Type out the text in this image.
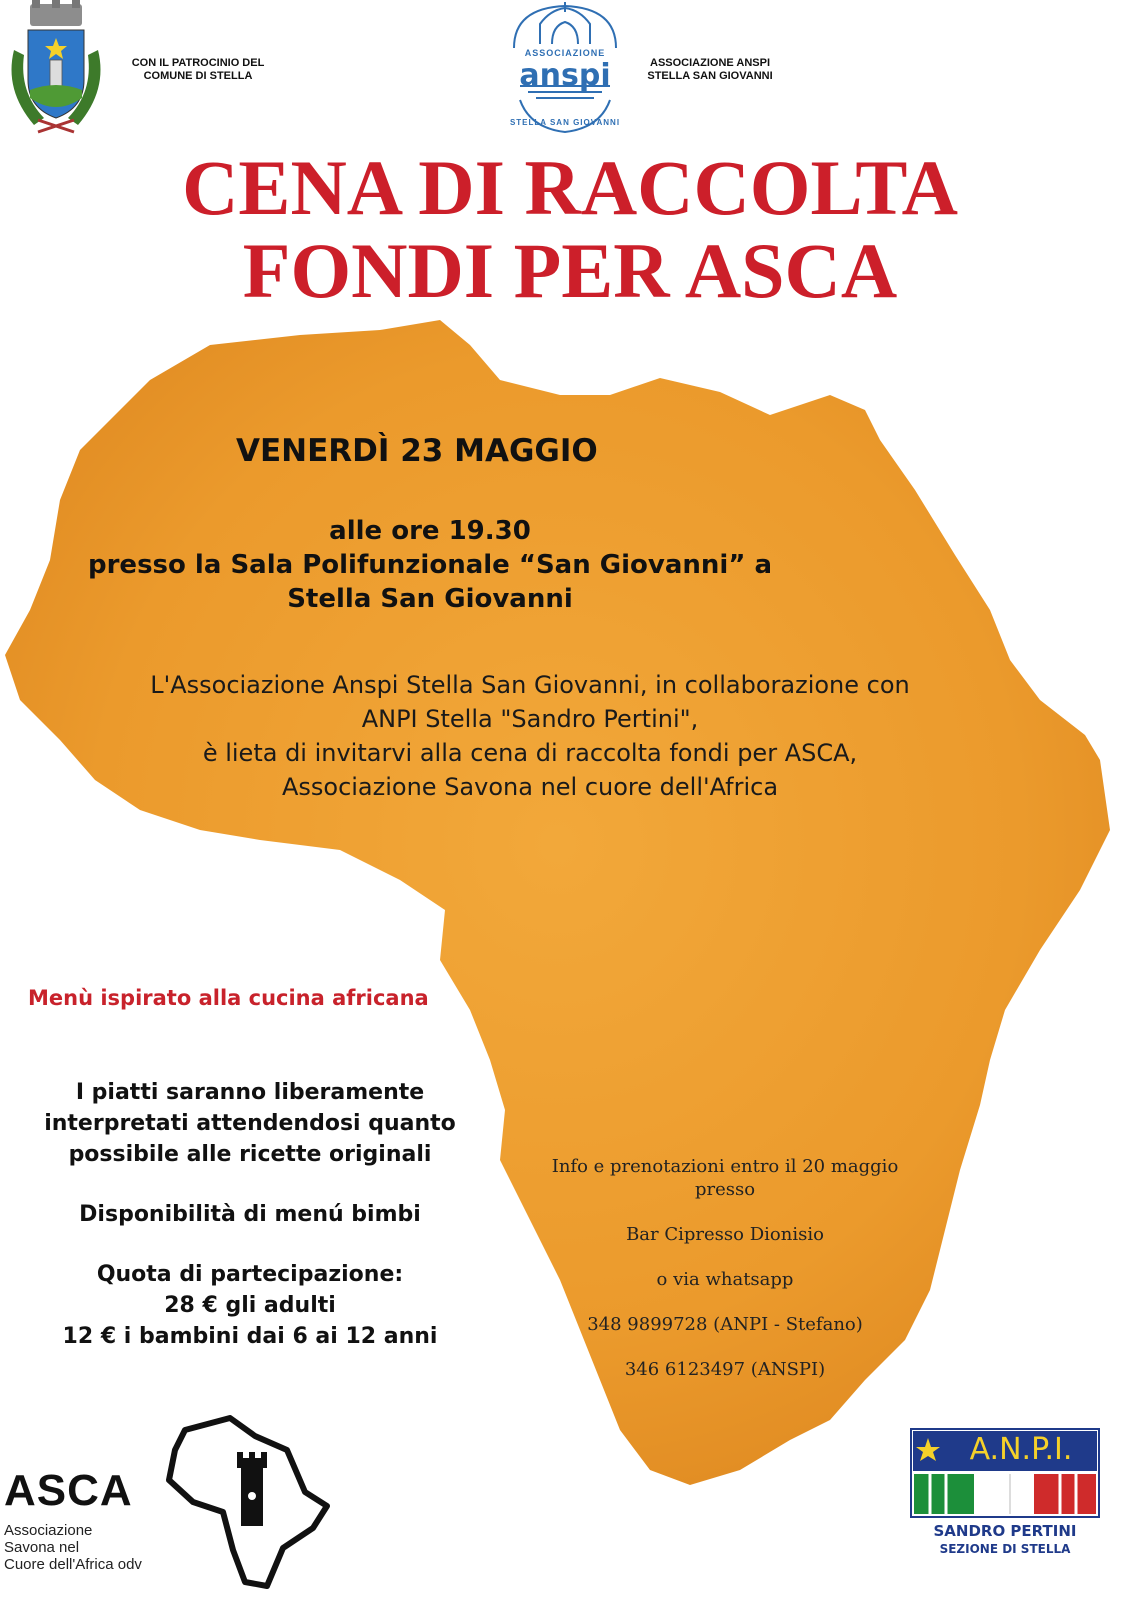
CON IL PATROCINIO DEL
COMUNE DI STELLA
ASSOCIAZIONE
anspi
STELLA SAN GIOVANNI
ASSOCIAZIONE ANSPI
STELLA SAN GIOVANNI
CENA DI RACCOLTA
FONDI PER ASCA
VENERDÌ 23 MAGGIO
alle ore 19.30
presso la Sala Polifunzionale “San Giovanni” a
Stella San Giovanni
L'Associazione Anspi Stella San Giovanni, in collaborazione con
ANPI Stella "Sandro Pertini",
è lieta di invitarvi alla cena di raccolta fondi per ASCA,
Associazione Savona nel cuore dell'Africa
Menù ispirato alla cucina africana
I piatti saranno liberamente
interpretati attendendosi quanto
possibile alle ricette originali
Disponibilità di menú bimbi
Quota di partecipazione:
28 € gli adulti
12 € i bambini dai 6 ai 12 anni
Info e prenotazioni entro il 20 maggio
presso
Bar Cipresso Dionisio
o via whatsapp
348 9899728 (ANPI - Stefano)
346 6123497 (ANSPI)
ASCA
Associazione
Savona nel
Cuore dell'Africa odv
A.N.P.I.
SANDRO PERTINI
SEZIONE DI STELLA
